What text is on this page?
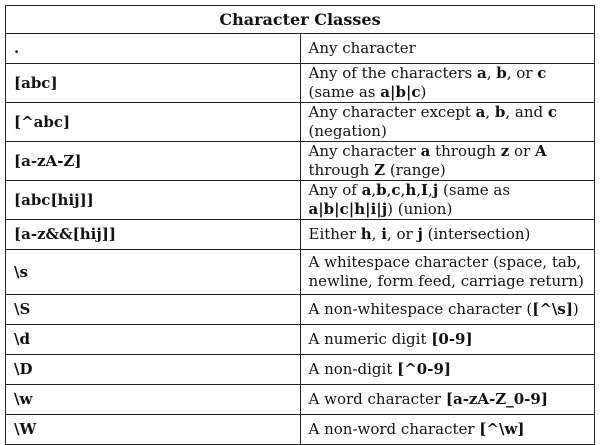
Character Classes	
.	Any character
[abc]	Any of the characters a, b, or c (same as a|b|c)
[^abc]	Any character except a, b, and c (negation)
[a-zA-Z]	Any character a through z or A through Z (range)
[abc[hij]]	Any of a,b,c,h,I,j (same as a|b|c|h|i|j) (union)
[a-z&&[hij]]	Either h, i, or j (intersection)
\s	A whitespace character (space, tab, newline, form feed, carriage return)
\S	A non-whitespace character ([^\s])
\d	A numeric digit [0-9]
\D	A non-digit [^0-9]
\w	A word character [a-zA-Z_0-9]
\W	A non-word character [^\w]
